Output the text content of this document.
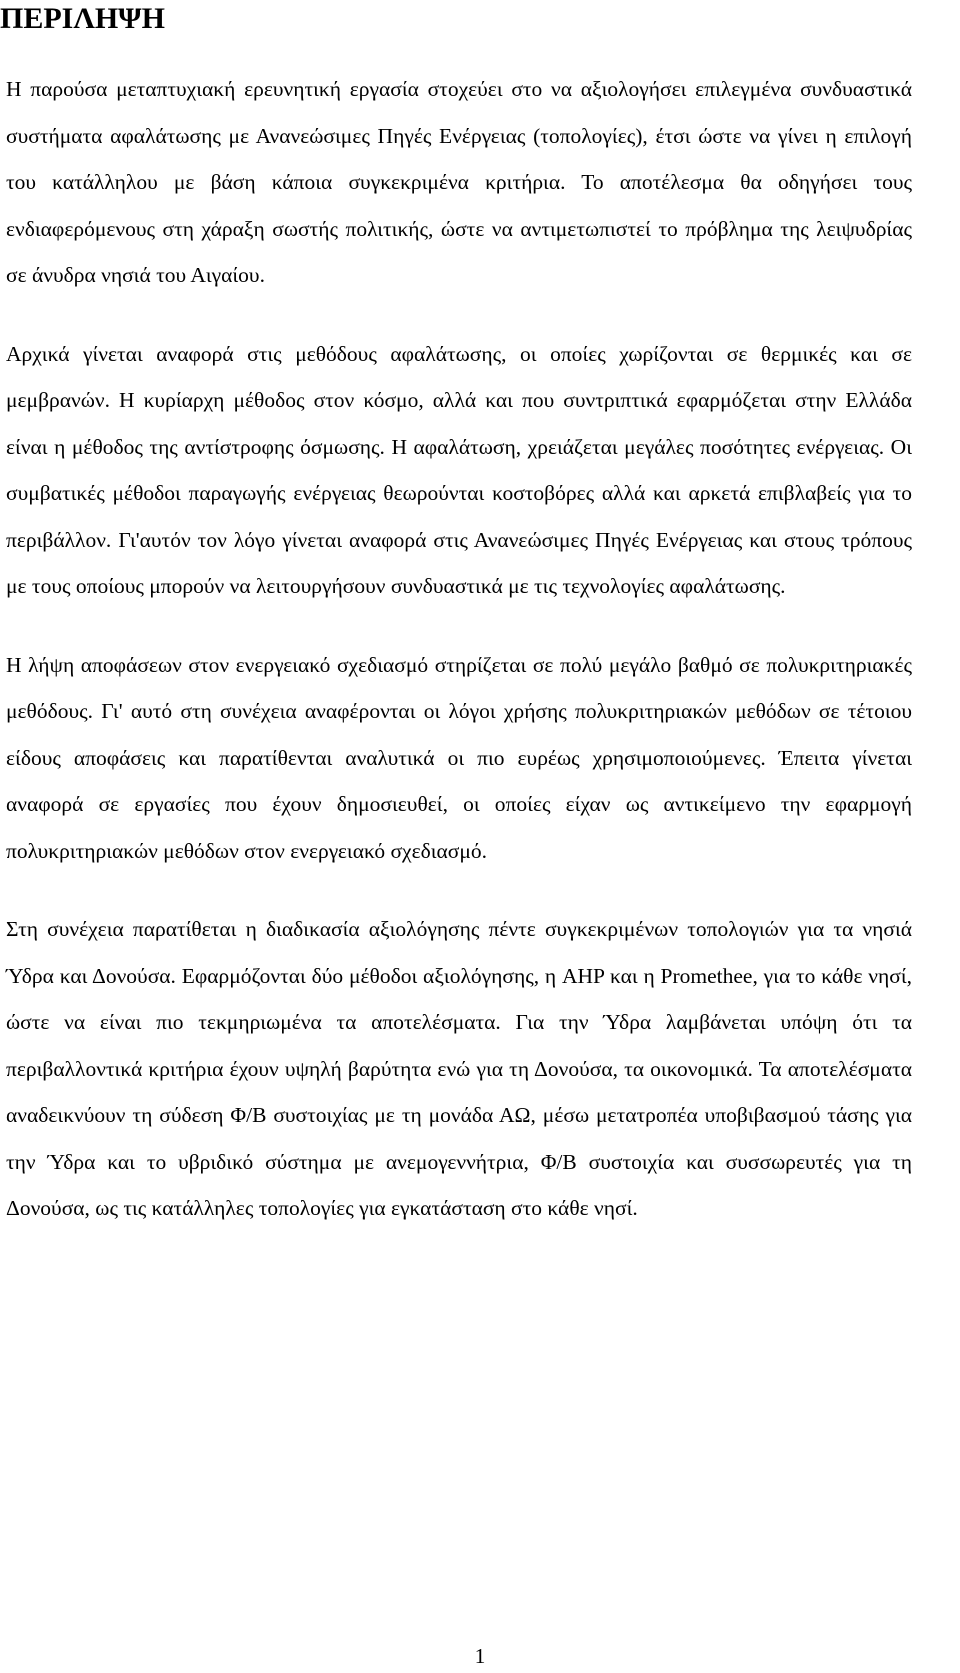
ΠΕΡΙΛΗΨΗ

Η παρούσα μεταπτυχιακή ερευνητική εργασία στοχεύει στο να αξιολογήσει επιλεγμένα συνδυαστικά συστήματα αφαλάτωσης με Ανανεώσιμες Πηγές Ενέργειας (τοπολογίες), έτσι ώστε να γίνει η επιλογή του κατάλληλου με βάση κάποια συγκεκριμένα κριτήρια. Το αποτέλεσμα θα οδηγήσει τους ενδιαφερόμενους στη χάραξη σωστής πολιτικής, ώστε να αντιμετωπιστεί το πρόβλημα της λειψυδρίας σε άνυδρα νησιά του Αιγαίου.

Αρχικά γίνεται αναφορά στις μεθόδους αφαλάτωσης, οι οποίες χωρίζονται σε θερμικές και σε μεμβρανών. Η κυρίαρχη μέθοδος στον κόσμο, αλλά και που συντριπτικά εφαρμόζεται στην Ελλάδα είναι η μέθοδος της αντίστροφης όσμωσης. Η αφαλάτωση, χρειάζεται μεγάλες ποσότητες ενέργειας. Οι συμβατικές μέθοδοι παραγωγής ενέργειας θεωρούνται κοστοβόρες αλλά και αρκετά επιβλαβείς για το περιβάλλον. Γι'αυτόν τον λόγο γίνεται αναφορά στις Ανανεώσιμες Πηγές Ενέργειας και στους τρόπους με τους οποίους μπορούν να λειτουργήσουν συνδυαστικά με τις τεχνολογίες αφαλάτωσης.

Η λήψη αποφάσεων στον ενεργειακό σχεδιασμό στηρίζεται σε πολύ μεγάλο βαθμό σε πολυκριτηριακές μεθόδους. Γι' αυτό στη συνέχεια αναφέρονται οι λόγοι χρήσης πολυκριτηριακών μεθόδων σε τέτοιου είδους αποφάσεις και παρατίθενται αναλυτικά οι πιο ευρέως χρησιμοποιούμενες. Έπειτα γίνεται αναφορά σε εργασίες που έχουν δημοσιευθεί, οι οποίες είχαν ως αντικείμενο την εφαρμογή πολυκριτηριακών μεθόδων στον ενεργειακό σχεδιασμό.

Στη συνέχεια παρατίθεται η διαδικασία αξιολόγησης πέντε συγκεκριμένων τοπολογιών για τα νησιά Ύδρα και Δονούσα. Εφαρμόζονται δύο μέθοδοι αξιολόγησης, η AHP και η Promethee, για το κάθε νησί, ώστε να είναι πιο τεκμηριωμένα τα αποτελέσματα. Για την Ύδρα λαμβάνεται υπόψη ότι τα περιβαλλοντικά κριτήρια έχουν υψηλή βαρύτητα ενώ για τη Δονούσα, τα οικονομικά. Τα αποτελέσματα αναδεικνύουν τη σύδεση Φ/Β συστοιχίας με τη μονάδα ΑΩ, μέσω μετατροπέα υποβιβασμού τάσης για την Ύδρα και το υβριδικό σύστημα με ανεμογεννήτρια, Φ/Β συστοιχία και συσσωρευτές για τη Δονούσα, ως τις κατάλληλες τοπολογίες για εγκατάσταση στο κάθε νησί.

1
